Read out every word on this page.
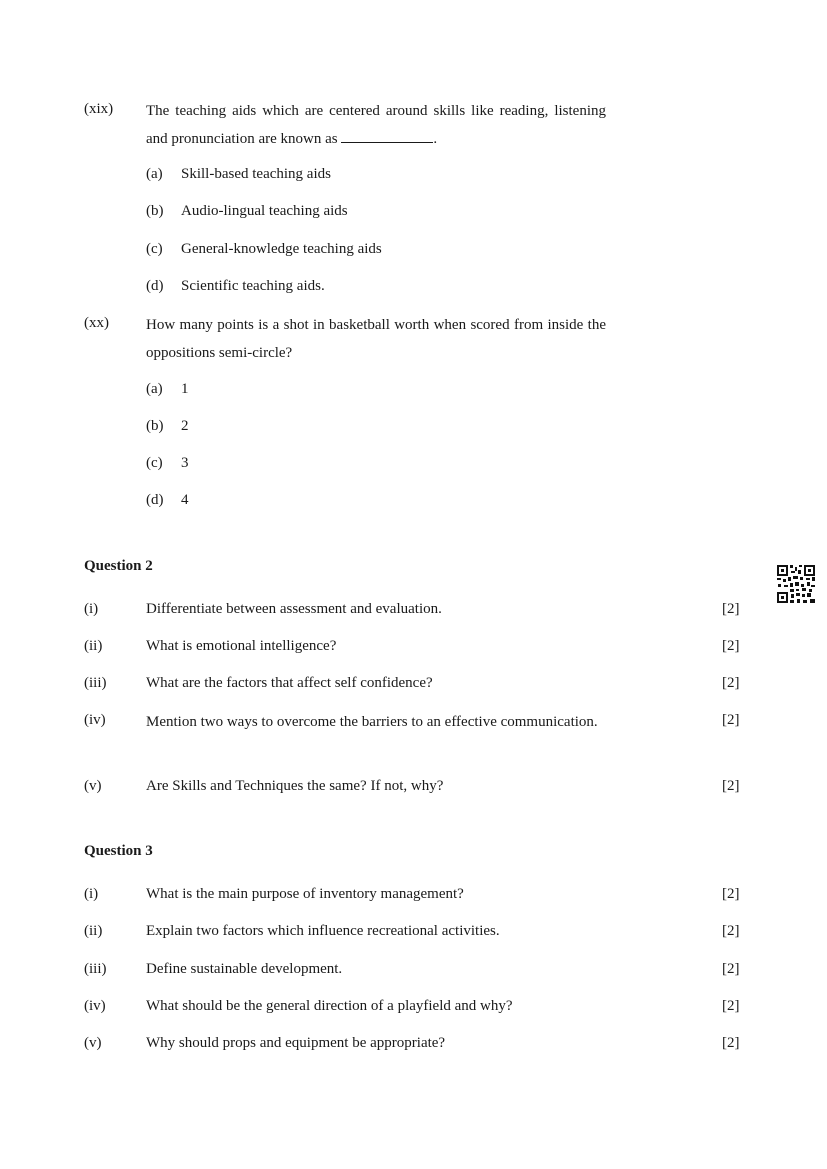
(xix) The teaching aids which are centered around skills like reading, listening and pronunciation are known as	.
(a) Skill-based teaching aids
(b) Audio-lingual teaching aids
(c) General-knowledge teaching aids
(d) Scientific teaching aids.
(xx) How many points is a shot in basketball worth when scored from inside the oppositions semi-circle?
(a) 1
(b) 2
(c) 3
(d) 4
Question 2
(i)	Differentiate between assessment and evaluation.	[2]
(ii)	What is emotional intelligence?	[2]
(iii)	What are the factors that affect self confidence?	[2]
(iv)	Mention two ways to overcome the barriers to an effective communication.	[2]
(v)	Are Skills and Techniques the same? If not, why?	[2]
Question 3
(i)	What is the main purpose of inventory management?	[2]
(ii)	Explain two factors which influence recreational activities.	[2]
(iii)	Define sustainable development.	[2]
(iv)	What should be the general direction of a playfield and why?	[2]
(v)	Why should props and equipment be appropriate?	[2]
